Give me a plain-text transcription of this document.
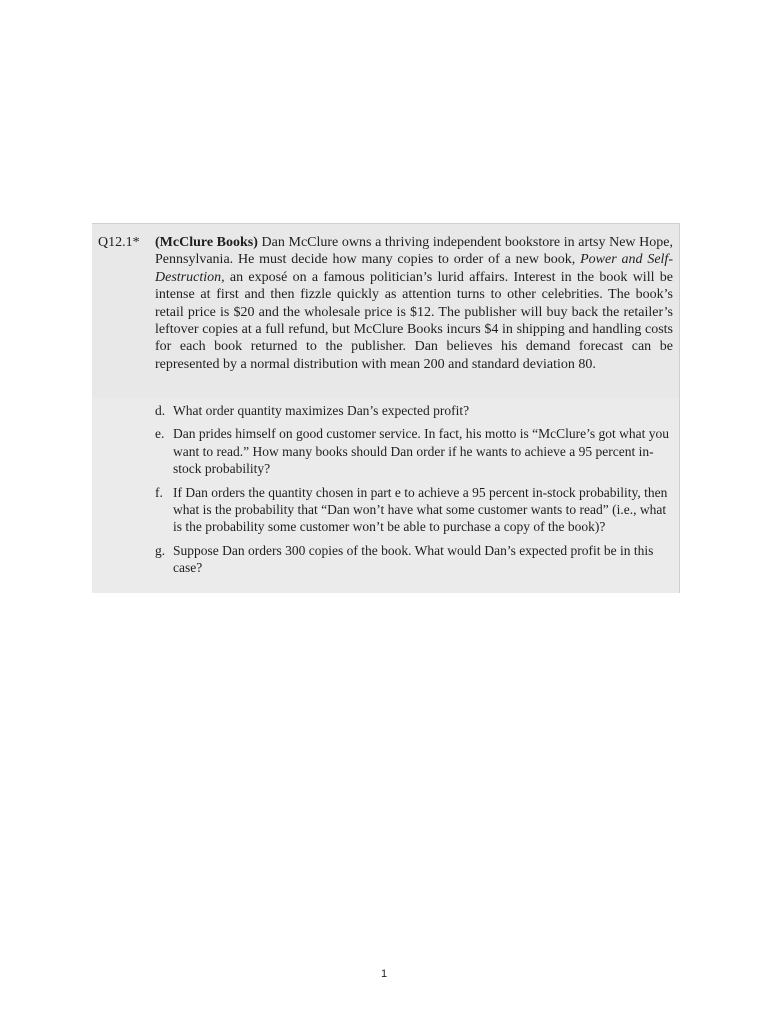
Q12.1* (McClure Books) Dan McClure owns a thriving independent bookstore in artsy New Hope, Pennsylvania. He must decide how many copies to order of a new book, Power and Self-Destruction, an exposé on a famous politician’s lurid affairs. Interest in the book will be intense at first and then fizzle quickly as attention turns to other celebrities. The book’s retail price is $20 and the wholesale price is $12. The publisher will buy back the retailer’s leftover copies at a full refund, but McClure Books incurs $4 in shipping and handling costs for each book returned to the publisher. Dan believes his demand forecast can be represented by a normal distribution with mean 200 and standard deviation 80.

d. What order quantity maximizes Dan’s expected profit?
e. Dan prides himself on good customer service. In fact, his motto is “McClure’s got what you want to read.” How many books should Dan order if he wants to achieve a 95 percent in-stock probability?
f. If Dan orders the quantity chosen in part e to achieve a 95 percent in-stock probability, then what is the probability that “Dan won’t have what some customer wants to read” (i.e., what is the probability some customer won’t be able to purchase a copy of the book)?
g. Suppose Dan orders 300 copies of the book. What would Dan’s expected profit be in this case?
1
